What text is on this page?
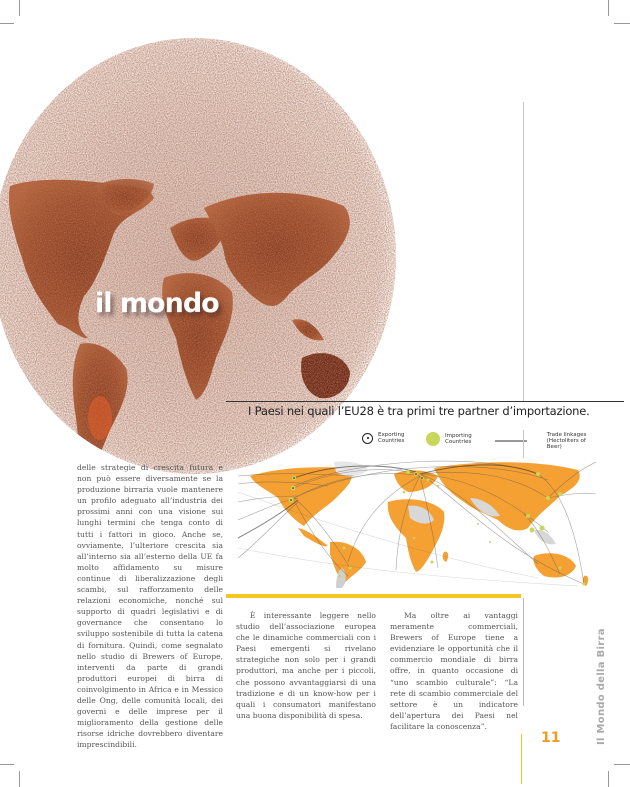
il mondo
I Paesi nei quali l’EU28 è tra primi tre partner d’importazione.
Exporting
Countries
Importing
Countries
Trade linkages
(Hectoliters of Beer)

delle strategie di crescita futura e non può essere diversamente se la produzione birraria vuole mantenere un profilo adeguato all’industria dei prossimi anni con una visione sui lunghi termini che tenga conto di tutti i fattori in gioco. Anche se, ovviamente, l’ulteriore crescita sia all’interno sia all’esterno della UE fa molto affidamento su misure continue di liberalizzazione degli scambi, sul rafforzamento delle relazioni economiche, nonché sul supporto di quadri legislativi e di governance che consentano lo sviluppo sostenibile di tutta la catena di fornitura. Quindi, come segnalato nello studio di Brewers of Europe, interventi da parte di grandi produttori europei di birra di coinvolgimento in Africa e in Messico delle Ong, delle comunità locali, dei governi e delle imprese per il miglioramento della gestione delle risorse idriche dovrebbero diventare imprescindibili.

È interessante leggere nello studio dell’associazione europea che le dinamiche commerciali con i Paesi emergenti si rivelano strategiche non solo per i grandi produttori, ma anche per i piccoli, che possono avvantaggiarsi di una tradizione e di un know-how per i quali i consumatori manifestano una buona disponibilità di spesa.

Ma oltre ai vantaggi meramente commerciali, Brewers of Europe tiene a evidenziare le opportunità che il commercio mondiale di birra offre, in quanto occasione di “uno scambio culturale”: “La rete di scambio commerciale del settore è un indicatore dell’apertura dei Paesi nel facilitare la conoscenza”.

11	Il Mondo della Birra
